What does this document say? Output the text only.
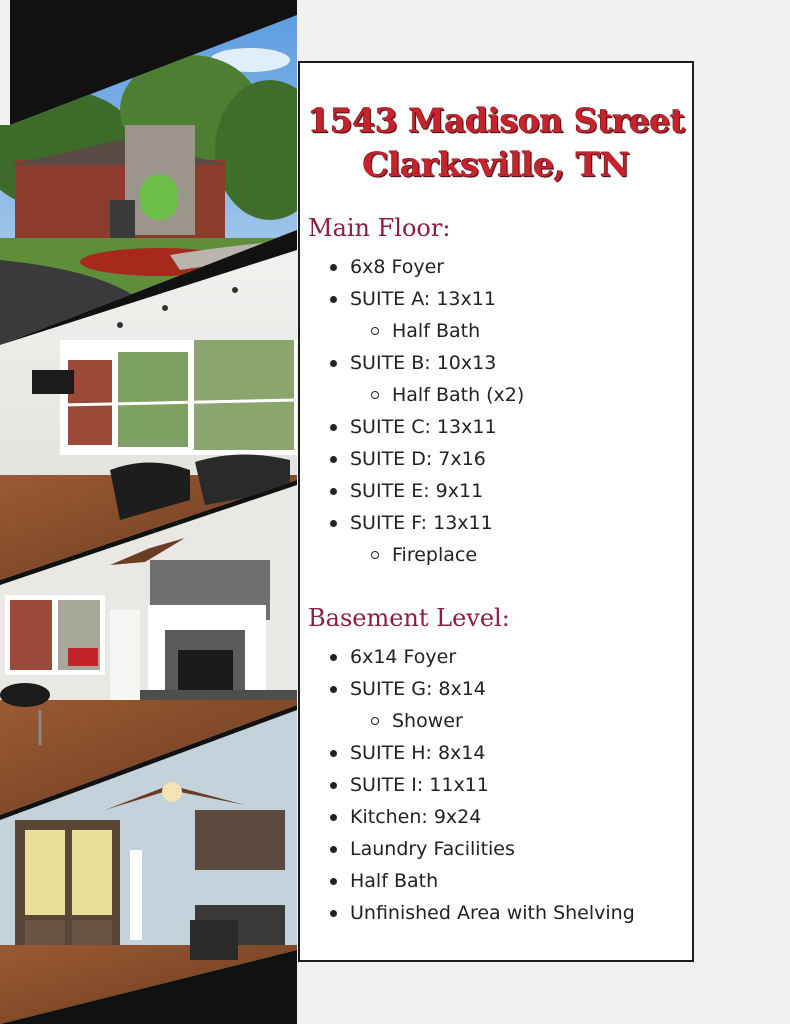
1543 Madison Street
Clarksville, TN
Main Floor:
6x8 Foyer
SUITE A: 13x11
Half Bath
SUITE B: 10x13
Half Bath (x2)
SUITE C: 13x11
SUITE D: 7x16
SUITE E: 9x11
SUITE F: 13x11
Fireplace
Basement Level:
6x14 Foyer
SUITE G: 8x14
Shower
SUITE H: 8x14
SUITE I: 11x11
Kitchen: 9x24
Laundry Facilities
Half Bath
Unfinished Area with Shelving
